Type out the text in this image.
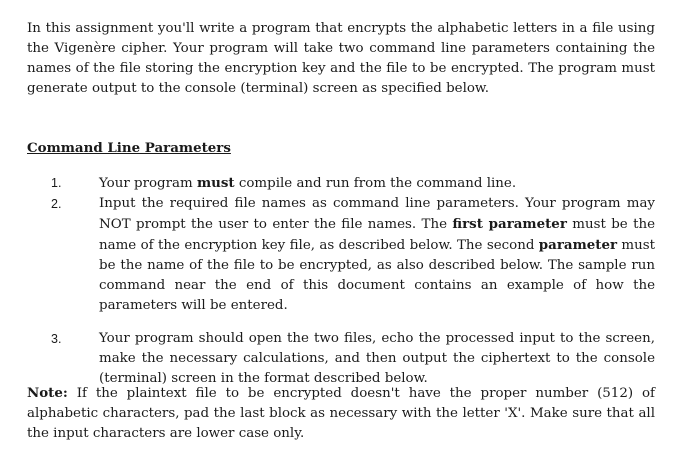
In this assignment you'll write a program that encrypts the alphabetic letters in a file using the Vigenère cipher. Your program will take two command line parameters containing the names of the file storing the encryption key and the file to be encrypted. The program must generate output to the console (terminal) screen as specified below.

Command Line Parameters
1.	Your program must compile and run from the command line.
2.	Input the required file names as command line parameters. Your program may NOT prompt the user to enter the file names. The first parameter must be the name of the encryption key file, as described below. The second parameter must be the name of the file to be encrypted, as also described below. The sample run command near the end of this document contains an example of how the parameters will be entered.
3.	Your program should open the two files, echo the processed input to the screen, make the necessary calculations, and then output the ciphertext to the console (terminal) screen in the format described below.

Note: If the plaintext file to be encrypted doesn't have the proper number (512) of alphabetic characters, pad the last block as necessary with the letter 'X'. Make sure that all the input characters are lower case only.
